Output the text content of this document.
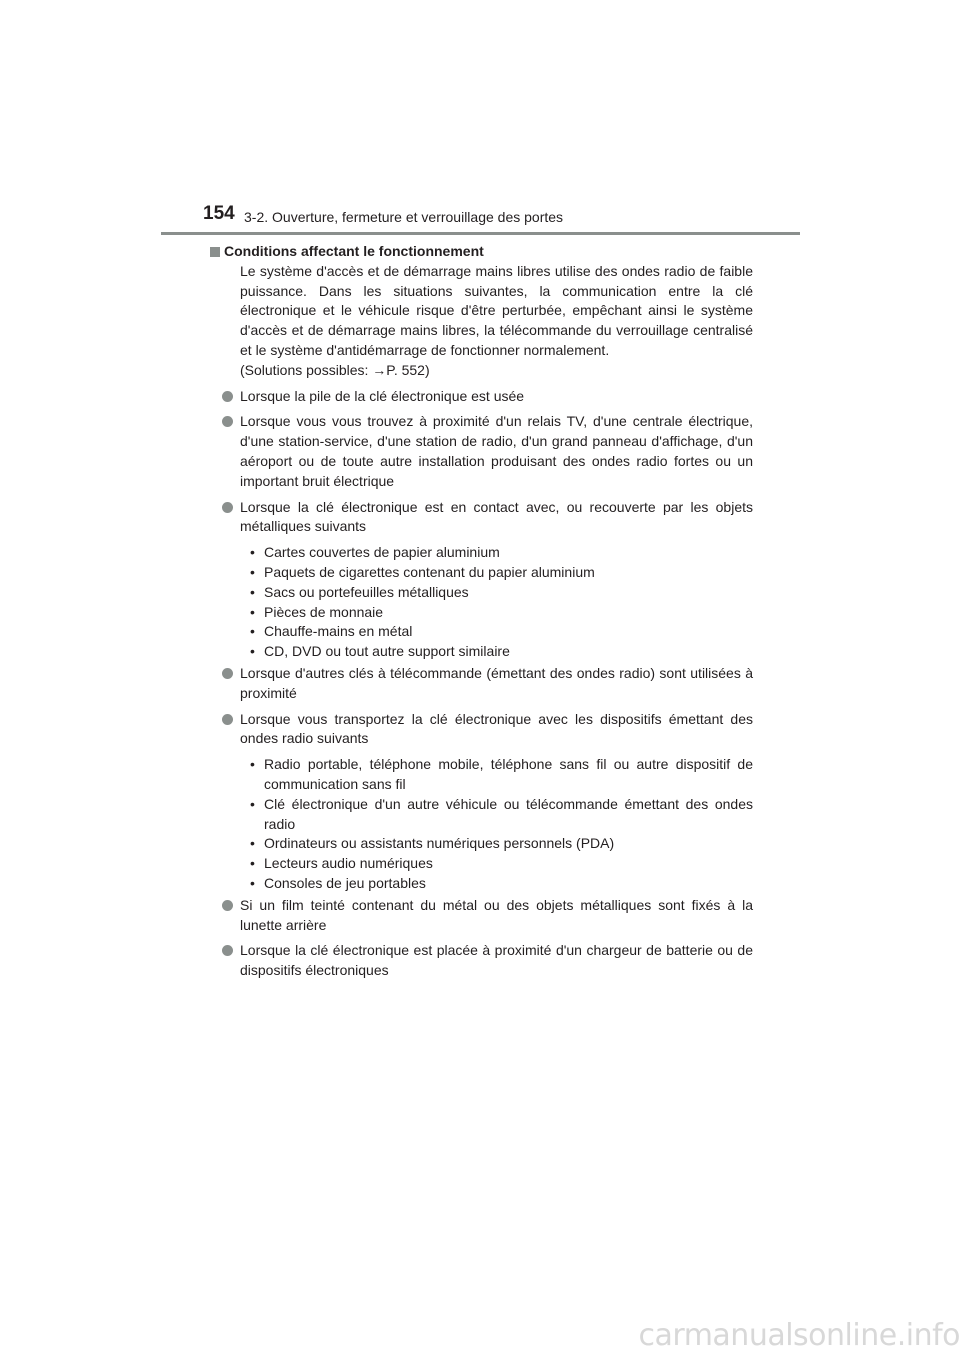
154 3-2. Ouverture, fermeture et verrouillage des portes

Conditions affectant le fonctionnement

Le système d'accès et de démarrage mains libres utilise des ondes radio de faible puissance. Dans les situations suivantes, la communication entre la clé électronique et le véhicule risque d'être perturbée, empêchant ainsi le système d'accès et de démarrage mains libres, la télécommande du verrouillage centralisé et le système d'antidémarrage de fonctionner normalement.
(Solutions possibles: →P. 552)

Lorsque la pile de la clé électronique est usée
Lorsque vous vous trouvez à proximité d'un relais TV, d'une centrale électrique, d'une station-service, d'une station de radio, d'un grand panneau d'affichage, d'un aéroport ou de toute autre installation produisant des ondes radio fortes ou un important bruit électrique
Lorsque la clé électronique est en contact avec, ou recouverte par les objets métalliques suivants
• Cartes couvertes de papier aluminium
• Paquets de cigarettes contenant du papier aluminium
• Sacs ou portefeuilles métalliques
• Pièces de monnaie
• Chauffe-mains en métal
• CD, DVD ou tout autre support similaire
Lorsque d'autres clés à télécommande (émettant des ondes radio) sont utilisées à proximité
Lorsque vous transportez la clé électronique avec les dispositifs émettant des ondes radio suivants
• Radio portable, téléphone mobile, téléphone sans fil ou autre dispositif de communication sans fil
• Clé électronique d'un autre véhicule ou télécommande émettant des ondes radio
• Ordinateurs ou assistants numériques personnels (PDA)
• Lecteurs audio numériques
• Consoles de jeu portables
Si un film teinté contenant du métal ou des objets métalliques sont fixés à la lunette arrière
Lorsque la clé électronique est placée à proximité d'un chargeur de batterie ou de dispositifs électroniques
carmanualsonline.info
